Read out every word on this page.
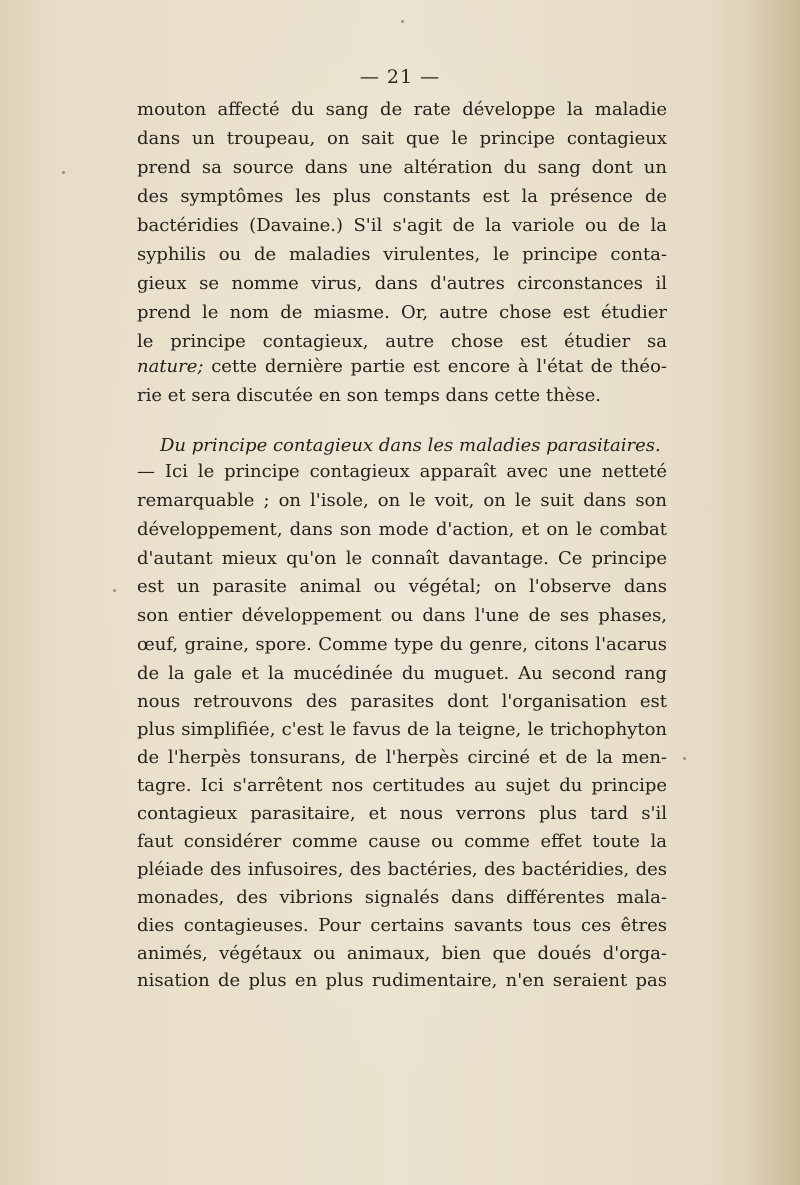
— 21 —
mouton affecté du sang de rate développe la maladie
dans un troupeau, on sait que le principe contagieux
prend sa source dans une altération du sang dont un
des symptômes les plus constants est la présence de
bactéridies (Davaine.) S'il s'agit de la variole ou de la
syphilis ou de maladies virulentes, le principe conta-
gieux se nomme virus, dans d'autres circonstances il
prend le nom de miasme. Or, autre chose est étudier
le principe contagieux, autre chose est étudier sa
nature; cette dernière partie est encore à l'état de théo-
rie et sera discutée en son temps dans cette thèse.
Du principe contagieux dans les maladies parasitaires.
— Ici le principe contagieux apparaît avec une netteté
remarquable ; on l'isole, on le voit, on le suit dans son
développement, dans son mode d'action, et on le combat
d'autant mieux qu'on le connaît davantage. Ce principe
est un parasite animal ou végétal; on l'observe dans
son entier développement ou dans l'une de ses phases,
œuf, graine, spore. Comme type du genre, citons l'acarus
de la gale et la mucédinée du muguet. Au second rang
nous retrouvons des parasites dont l'organisation est
plus simplifiée, c'est le favus de la teigne, le trichophyton
de l'herpès tonsurans, de l'herpès circiné et de la men-
tagre. Ici s'arrêtent nos certitudes au sujet du principe
contagieux parasitaire, et nous verrons plus tard s'il
faut considérer comme cause ou comme effet toute la
pléiade des infusoires, des bactéries, des bactéridies, des
monades, des vibrions signalés dans différentes mala-
dies contagieuses. Pour certains savants tous ces êtres
animés, végétaux ou animaux, bien que doués d'orga-
nisation de plus en plus rudimentaire, n'en seraient pas
